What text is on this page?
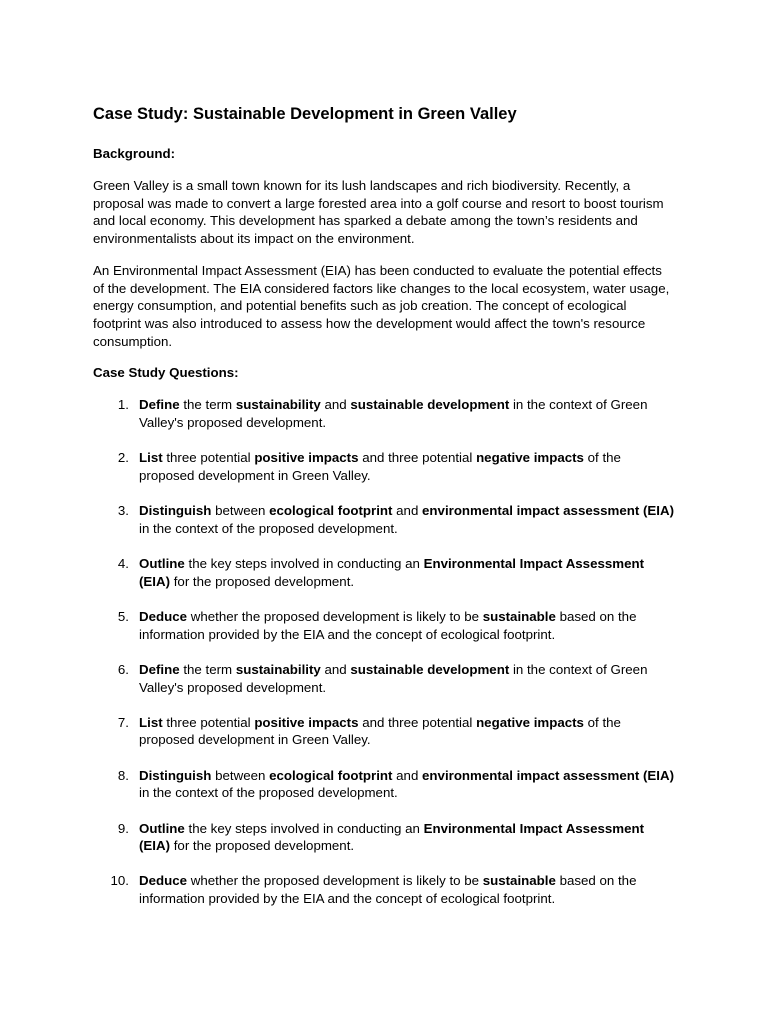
Case Study: Sustainable Development in Green Valley

Background:

Green Valley is a small town known for its lush landscapes and rich biodiversity. Recently, a proposal was made to convert a large forested area into a golf course and resort to boost tourism and local economy. This development has sparked a debate among the town’s residents and environmentalists about its impact on the environment.

An Environmental Impact Assessment (EIA) has been conducted to evaluate the potential effects of the development. The EIA considered factors like changes to the local ecosystem, water usage, energy consumption, and potential benefits such as job creation. The concept of ecological footprint was also introduced to assess how the development would affect the town's resource consumption.

Case Study Questions:

1. Define the term sustainability and sustainable development in the context of Green Valley's proposed development.
2. List three potential positive impacts and three potential negative impacts of the proposed development in Green Valley.
3. Distinguish between ecological footprint and environmental impact assessment (EIA) in the context of the proposed development.
4. Outline the key steps involved in conducting an Environmental Impact Assessment (EIA) for the proposed development.
5. Deduce whether the proposed development is likely to be sustainable based on the information provided by the EIA and the concept of ecological footprint.
6. Define the term sustainability and sustainable development in the context of Green Valley's proposed development.
7. List three potential positive impacts and three potential negative impacts of the proposed development in Green Valley.
8. Distinguish between ecological footprint and environmental impact assessment (EIA) in the context of the proposed development.
9. Outline the key steps involved in conducting an Environmental Impact Assessment (EIA) for the proposed development.
10. Deduce whether the proposed development is likely to be sustainable based on the information provided by the EIA and the concept of ecological footprint.
